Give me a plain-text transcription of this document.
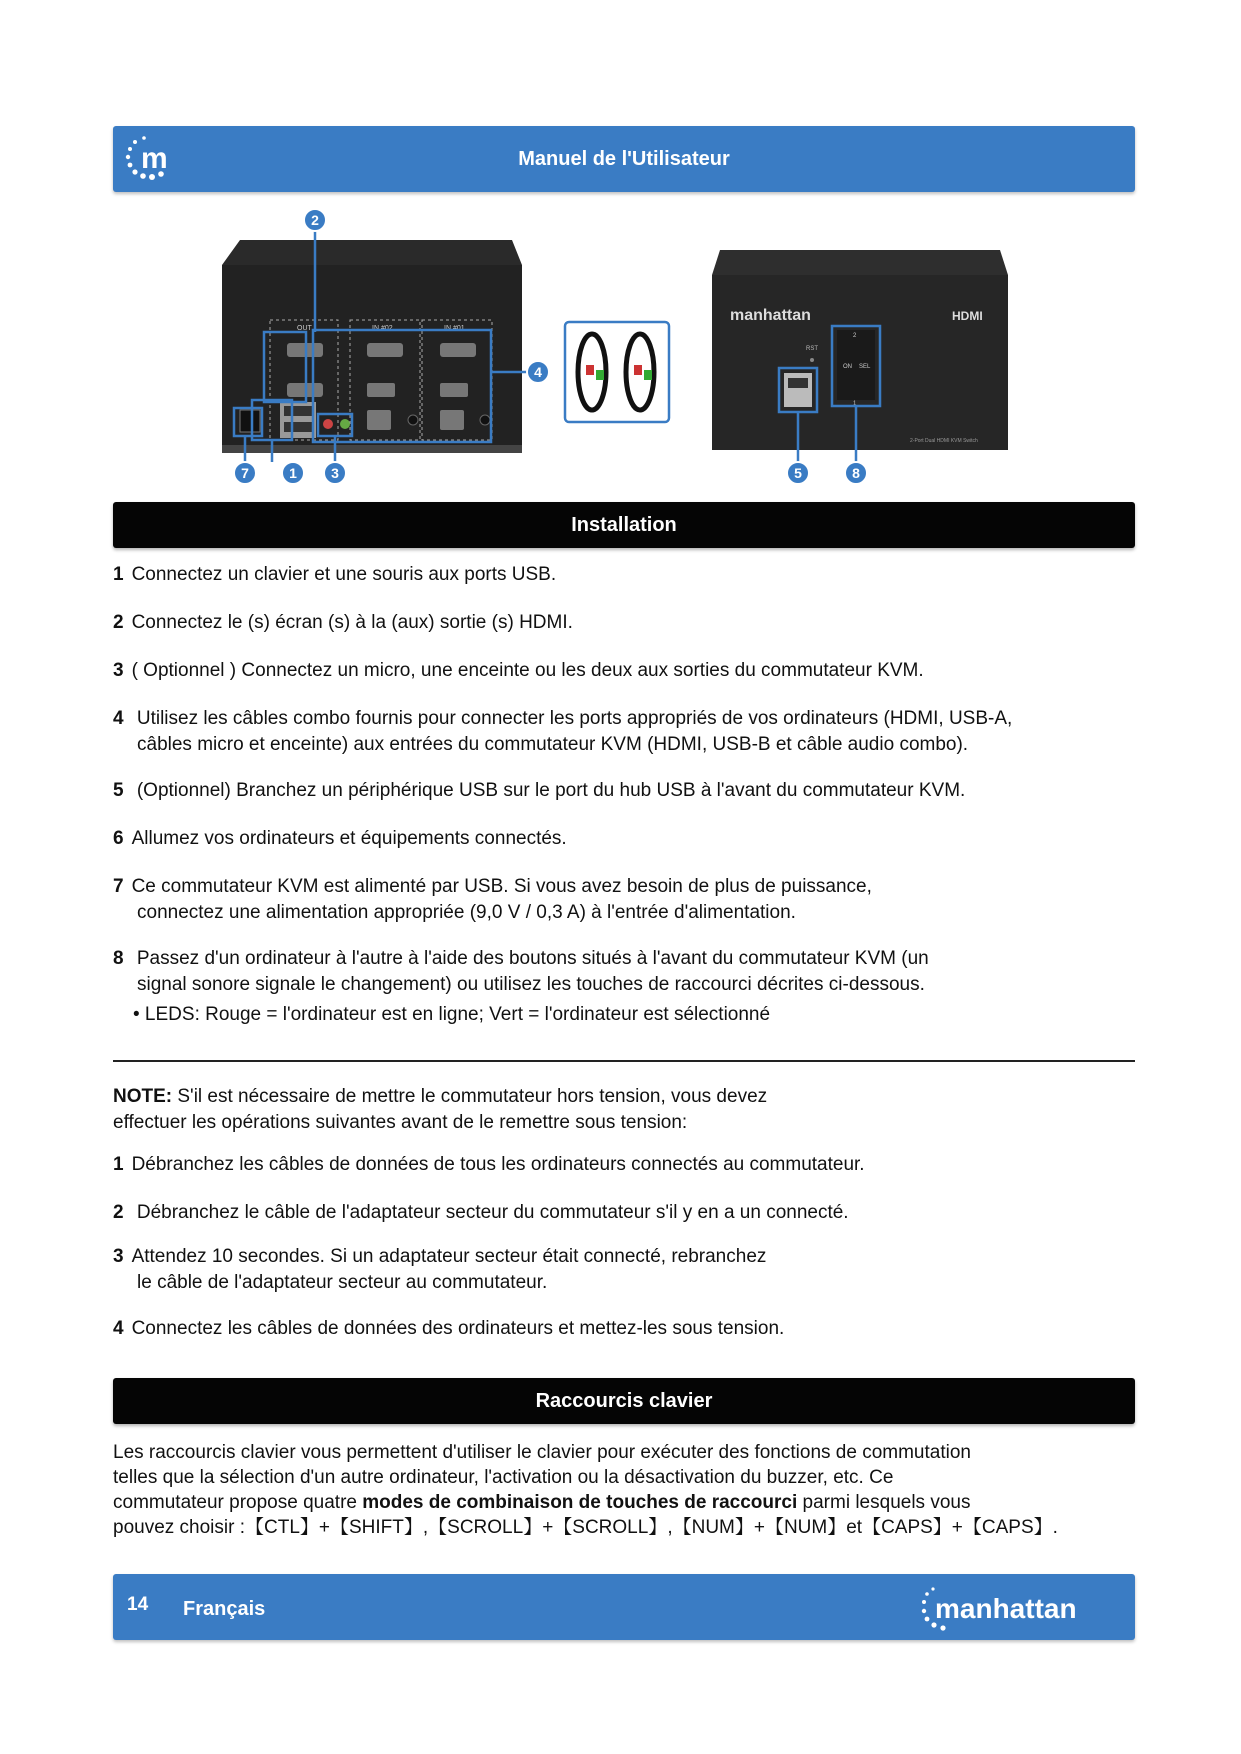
m	Manuel de l'Utilisateur
OUT	IN #02	IN #01
manhattan	HDMI
RST
2
ON SEL
1
2-Port Dual HDMI KVM Switch
2
4
7	1 3	5	8
Installation
1 Connectez un clavier et une souris aux ports USB.
2 Connectez le (s) écran (s) à la (aux) sortie (s) HDMI.
3 ( Optionnel ) Connectez un micro, une enceinte ou les deux aux sorties du commutateur KVM.
4 Utilisez les câbles combo fournis pour connecter les ports appropriés de vos ordinateurs (HDMI, USB-A,
câbles micro et enceinte) aux entrées du commutateur KVM (HDMI, USB-B et câble audio combo).
5 (Optionnel) Branchez un périphérique USB sur le port du hub USB à l'avant du commutateur KVM.
6 Allumez vos ordinateurs et équipements connectés.
7 Ce commutateur KVM est alimenté par USB. Si vous avez besoin de plus de puissance,
connectez une alimentation appropriée (9,0 V / 0,3 A) à l'entrée d'alimentation.
8 Passez d'un ordinateur à l'autre à l'aide des boutons situés à l'avant du commutateur KVM (un
signal sonore signale le changement) ou utilisez les touches de raccourci décrites ci-dessous.
• LEDS: Rouge = l'ordinateur est en ligne; Vert = l'ordinateur est sélectionné
NOTE: S'il est nécessaire de mettre le commutateur hors tension, vous devez
effectuer les opérations suivantes avant de le remettre sous tension:
1 Débranchez les câbles de données de tous les ordinateurs connectés au commutateur.
2 Débranchez le câble de l'adaptateur secteur du commutateur s'il y en a un connecté.
3 Attendez 10 secondes. Si un adaptateur secteur était connecté, rebranchez
le câble de l'adaptateur secteur au commutateur.
4 Connectez les câbles de données des ordinateurs et mettez-les sous tension.
Raccourcis clavier
Les raccourcis clavier vous permettent d'utiliser le clavier pour exécuter des fonctions de commutation
telles que la sélection d'un autre ordinateur, l'activation ou la désactivation du buzzer, etc. Ce
commutateur propose quatre modes de combinaison de touches de raccourci parmi lesquels vous
pouvez choisir :【CTL】+【SHIFT】,【SCROLL】+【SCROLL】,【NUM】+【NUM】et【CAPS】+【CAPS】.
14 Français	manhattan
